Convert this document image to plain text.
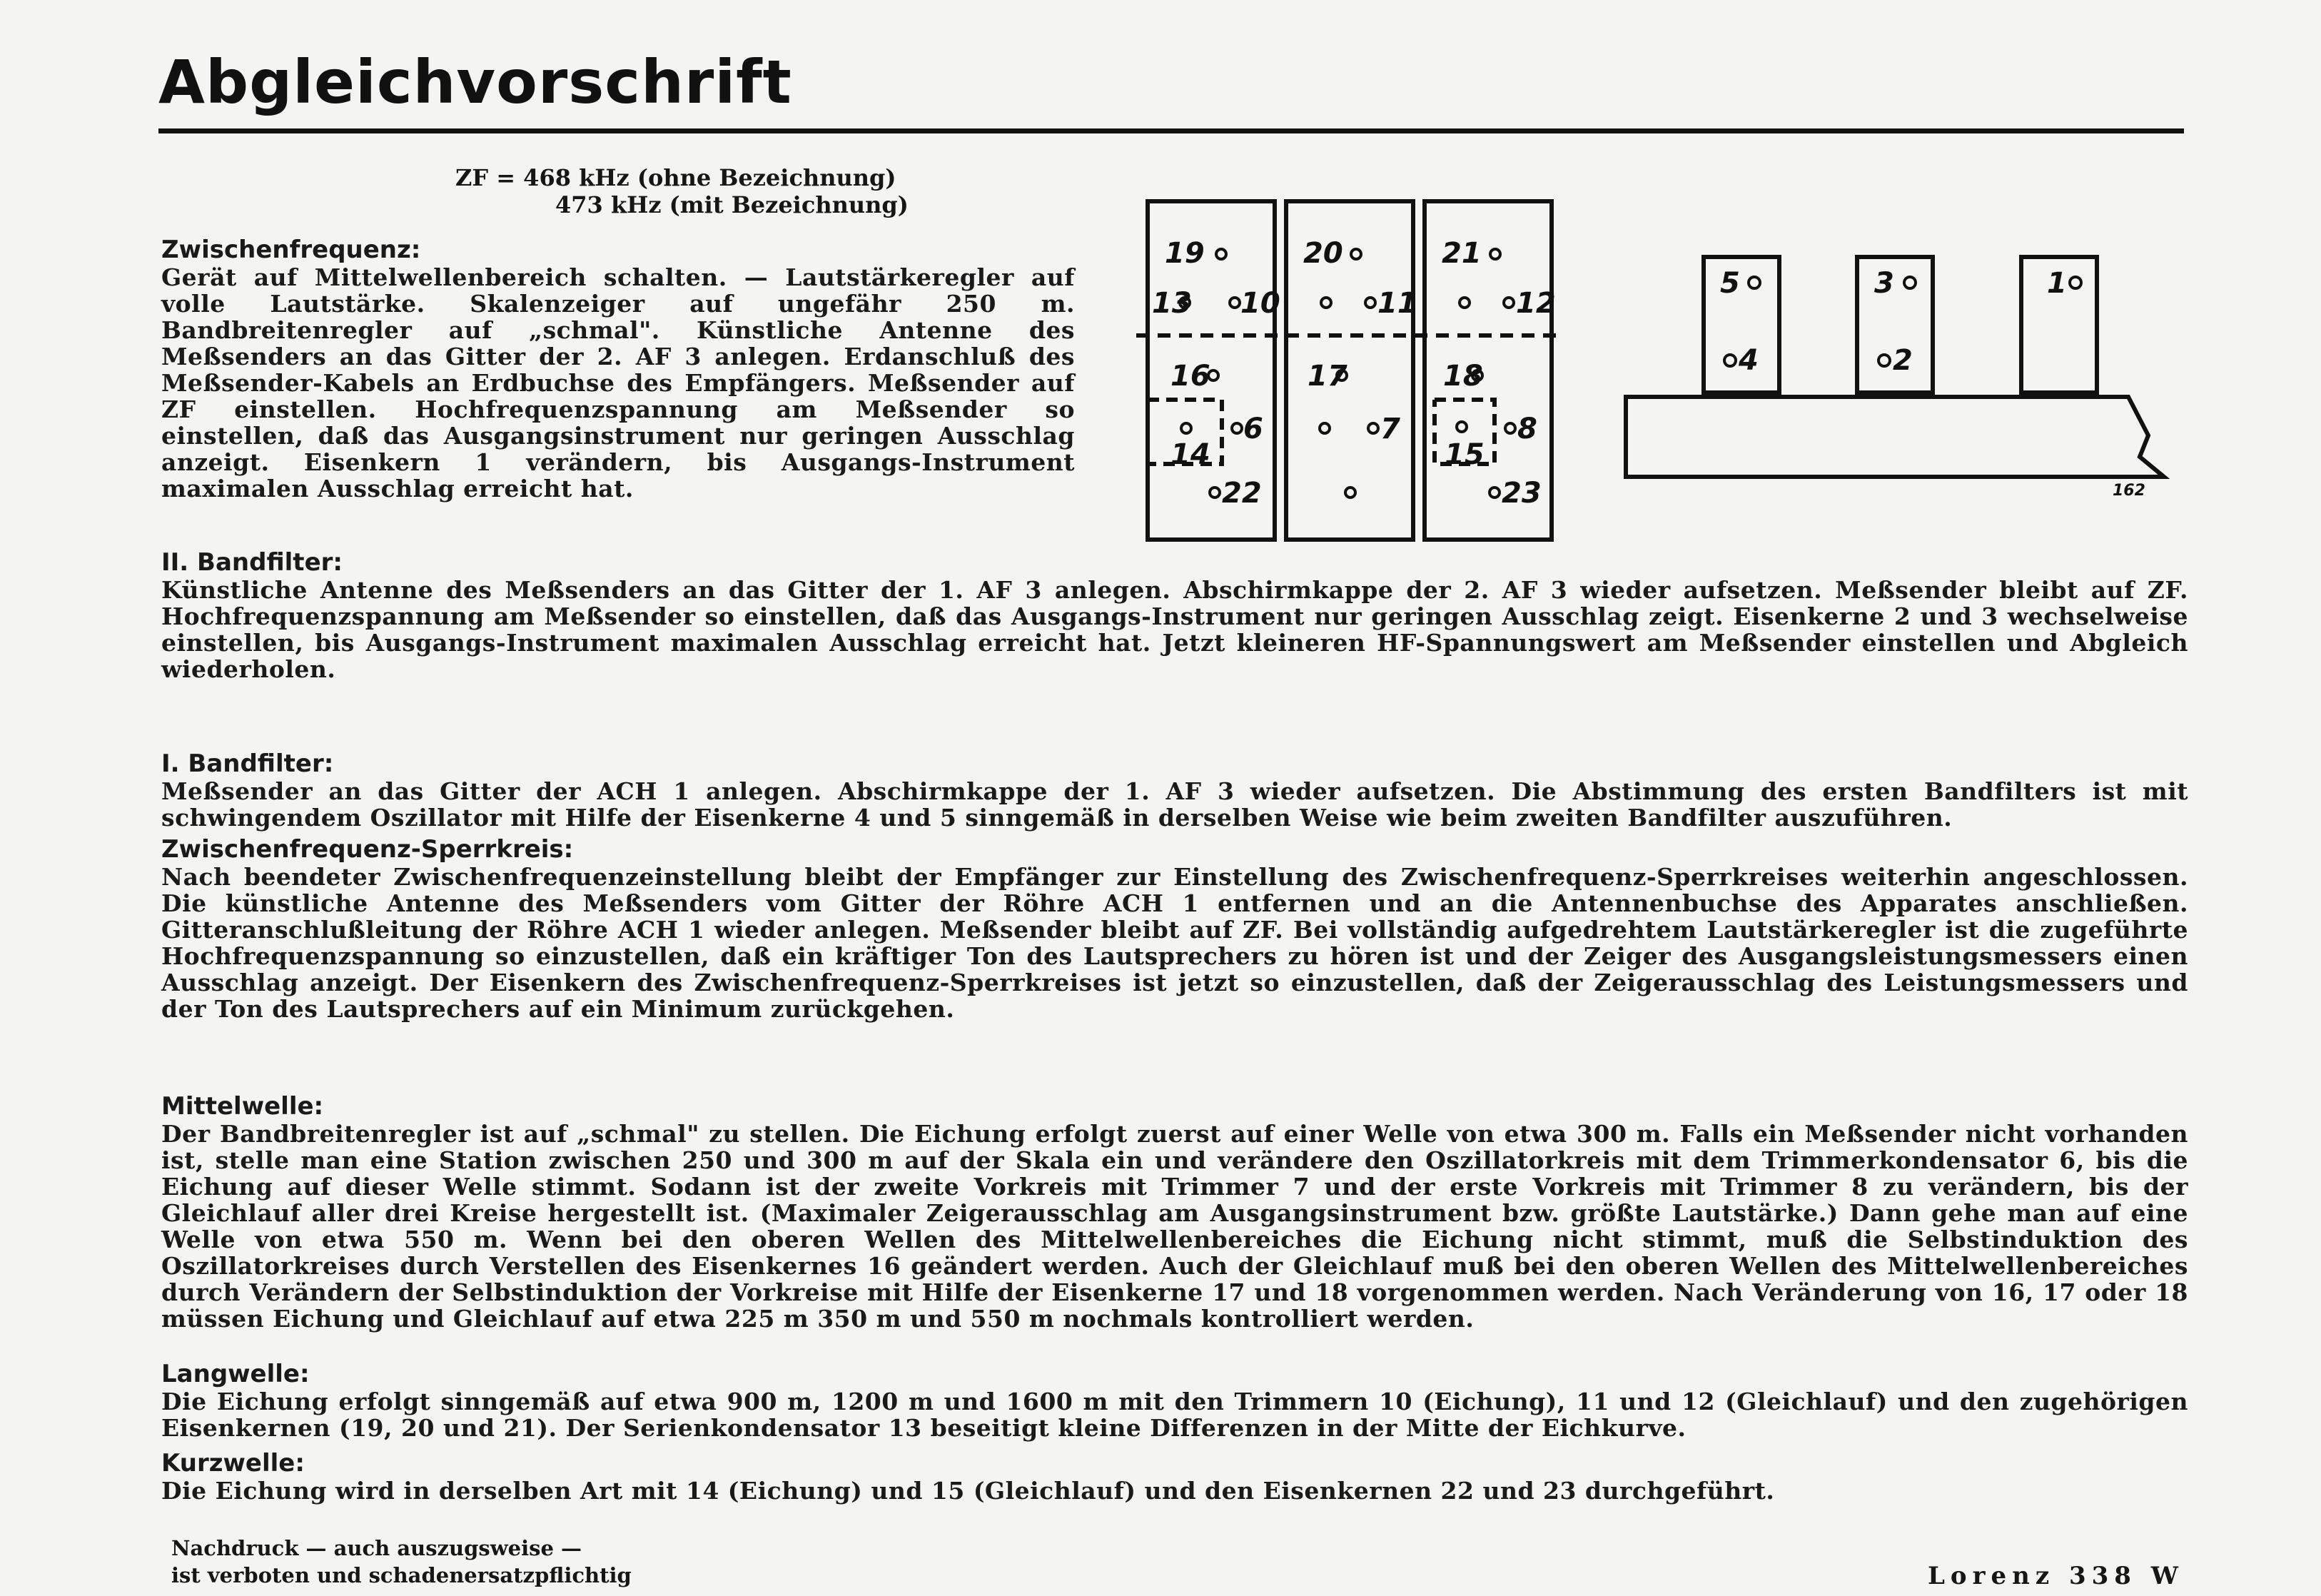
Abgleichvorschrift
ZF = 468 kHz (ohne Bezeichnung)
473 kHz (mit Bezeichnung)
Zwischenfrequenz:
Gerät auf Mittelwellenbereich schalten. — Lautstärkeregler auf volle Lautstärke. Skalenzeiger auf ungefähr 250 m. Bandbreitenregler auf „schmal". Künstliche Antenne des Meßsenders an das Gitter der 2. AF 3 anlegen. Erdanschluß des Meßsender-Kabels an Erdbuchse des Empfängers. Meßsender auf ZF einstellen. Hochfrequenzspannung am Meßsender so einstellen, daß das Ausgangsinstrument nur geringen Ausschlag anzeigt. Eisenkern 1 verändern, bis Ausgangs-Instrument maximalen Ausschlag erreicht hat.
II. Bandfilter:
Künstliche Antenne des Meßsenders an das Gitter der 1. AF 3 anlegen. Abschirmkappe der 2. AF 3 wieder aufsetzen. Meßsender bleibt auf ZF. Hochfrequenzspannung am Meßsender so einstellen, daß das Ausgangs-Instrument nur geringen Ausschlag zeigt. Eisenkerne 2 und 3 wechselweise einstellen, bis Ausgangs-Instrument maximalen Ausschlag erreicht hat. Jetzt kleineren HF-Spannungswert am Meßsender einstellen und Abgleich wiederholen.
I. Bandfilter:
Meßsender an das Gitter der ACH 1 anlegen. Abschirmkappe der 1. AF 3 wieder aufsetzen. Die Abstimmung des ersten Bandfilters ist mit schwingendem Oszillator mit Hilfe der Eisenkerne 4 und 5 sinngemäß in derselben Weise wie beim zweiten Bandfilter auszuführen.
Zwischenfrequenz-Sperrkreis:
Nach beendeter Zwischenfrequenzeinstellung bleibt der Empfänger zur Einstellung des Zwischenfrequenz-Sperrkreises weiterhin angeschlossen. Die künstliche Antenne des Meßsenders vom Gitter der Röhre ACH 1 entfernen und an die Antennenbuchse des Apparates anschließen. Gitteranschlußleitung der Röhre ACH 1 wieder anlegen. Meßsender bleibt auf ZF. Bei vollständig aufgedrehtem Lautstärkeregler ist die zugeführte Hochfrequenzspannung so einzustellen, daß ein kräftiger Ton des Lautsprechers zu hören ist und der Zeiger des Ausgangsleistungsmessers einen Ausschlag anzeigt. Der Eisenkern des Zwischenfrequenz-Sperrkreises ist jetzt so einzustellen, daß der Zeigerausschlag des Leistungsmessers und der Ton des Lautsprechers auf ein Minimum zurückgehen.
Mittelwelle:
Der Bandbreitenregler ist auf „schmal" zu stellen. Die Eichung erfolgt zuerst auf einer Welle von etwa 300 m. Falls ein Meßsender nicht vorhanden ist, stelle man eine Station zwischen 250 und 300 m auf der Skala ein und verändere den Oszillatorkreis mit dem Trimmerkondensator 6, bis die Eichung auf dieser Welle stimmt. Sodann ist der zweite Vorkreis mit Trimmer 7 und der erste Vorkreis mit Trimmer 8 zu verändern, bis der Gleichlauf aller drei Kreise hergestellt ist. (Maximaler Zeigerausschlag am Ausgangsinstrument bzw. größte Lautstärke.) Dann gehe man auf eine Welle von etwa 550 m. Wenn bei den oberen Wellen des Mittelwellenbereiches die Eichung nicht stimmt, muß die Selbstinduktion des Oszillatorkreises durch Verstellen des Eisenkernes 16 geändert werden. Auch der Gleichlauf muß bei den oberen Wellen des Mittelwellenbereiches durch Verändern der Selbstinduktion der Vorkreise mit Hilfe der Eisenkerne 17 und 18 vorgenommen werden. Nach Veränderung von 16, 17 oder 18 müssen Eichung und Gleichlauf auf etwa 225 m 350 m und 550 m nochmals kontrolliert werden.
Langwelle:
Die Eichung erfolgt sinngemäß auf etwa 900 m, 1200 m und 1600 m mit den Trimmern 10 (Eichung), 11 und 12 (Gleichlauf) und den zugehörigen Eisenkernen (19, 20 und 21). Der Serienkondensator 13 beseitigt kleine Differenzen in der Mitte der Eichkurve.
Kurzwelle:
Die Eichung wird in derselben Art mit 14 (Eichung) und 15 (Gleichlauf) und den Eisenkernen 22 und 23 durchgeführt.
19
13 10
20
11
21
12
16
6
14
22
17
7
18
8
15
23
5
4
3
2
1
162
Nachdruck — auch auszugsweise —
ist verboten und schadenersatzpflichtig	Lorenz 338 W
